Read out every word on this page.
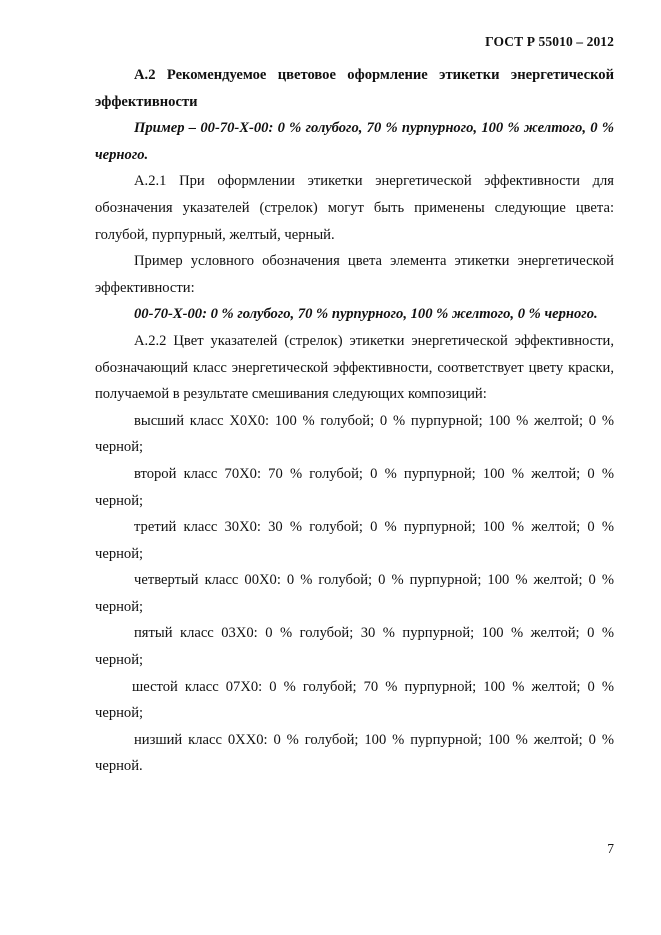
ГОСТ Р 55010 – 2012

А.2 Рекомендуемое цветовое оформление этикетки энергетической эффективности

Пример – 00-70-Х-00: 0 % голубого, 70 % пурпурного, 100 % желтого, 0 % черного.

А.2.1 При оформлении этикетки энергетической эффективности для обозначения указателей (стрелок) могут быть применены следующие цвета: голубой, пурпурный, желтый, черный.

Пример условного обозначения цвета элемента этикетки энергетической эффективности:

00-70-Х-00: 0 % голубого, 70 % пурпурного, 100 % желтого, 0 % черного.

А.2.2 Цвет указателей (стрелок) этикетки энергетической эффективности, обозначающий класс энергетической эффективности, соответствует цвету краски, получаемой в результате смешивания следующих композиций:

высший класс Х0Х0: 100 % голубой; 0 % пурпурной; 100 % желтой; 0 % черной;

второй класс 70Х0: 70 % голубой; 0 % пурпурной; 100 % желтой; 0 % черной;

третий класс 30Х0: 30 % голубой; 0 % пурпурной; 100 % желтой; 0 % черной;

четвертый класс 00Х0: 0 % голубой; 0 % пурпурной; 100 % желтой; 0 % черной;

пятый класс 03Х0: 0 % голубой; 30 % пурпурной; 100 % желтой; 0 % черной;

шестой класс 07Х0: 0 % голубой; 70 % пурпурной; 100 % желтой; 0 % черной;

низший класс 0ХХ0: 0 % голубой; 100 % пурпурной; 100 % желтой; 0 % черной.

7
